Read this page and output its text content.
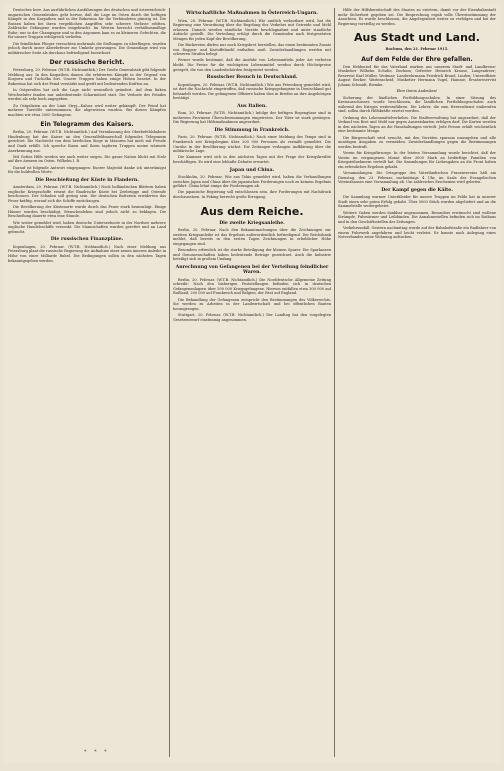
Deutsches heer. Aus ausführlichen Ausführungen des deutschen und österreichisch-ungarischen Generalstabes geht hervor, daß die Lage im Osten durch die heftigen Kämpfe in den Karpathen und in der Bukowina für die Verbündeten günstig ist. Die Russen haben bei ihren vergeblichen Angriffen sehr schwere Verluste erlitten. Zahlreiche Gefangene wurden eingebracht. Im Westen herrscht verhältnismäßige Ruhe; nur in der Champagne und in den Argonnen kam es zu kleineren Gefechten, die für unsere Truppen erfolgreich verliefen.

Die feindlichen Flieger versuchten mehrmals die Stellungen zu überfliegen, wurden jedoch durch unser Abwehrfeuer zur Umkehr gezwungen. Die Gesamtlage wird von militärischer Seite als durchaus befriedigend bezeichnet.

Der russische Bericht.

Petersburg, 20. Februar. (W.T.B. Nichtamtlich.) Der Große Generalstab gibt folgende Meldung aus: In den Karpathen dauern die erbitterten Kämpfe in der Gegend von Kozjowa und Tucholka fort. Unsere Truppen haben einige Höhen besetzt. In der Bukowina hat sich der Feind verstärkt und greift mit bedeutenden Kräften an.

In Ostpreußen hat sich die Lage nicht wesentlich geändert. Auf dem linken Weichselufer fanden nur unbedeutende Scharmützel statt. Die Verluste des Feindes werden als sehr hoch angegeben.

Zu Ostgalizien an der Linie Stryj—Kalusz wird weiter gekämpft. Der Feind hat mehrere Vorstöße unternommen, die abgewiesen wurden. Bei diesen Kämpfen machten wir etwa 2000 Gefangene.

Ein Telegramm des Kaisers.

Berlin, 20. Februar. (W.T.B. Nichtamtlich.) Auf Veranlassung des Oberbefehlshabers Hindenburg hat der Kaiser an den Generalfeldmarschall folgendes Telegramm gerichtet: Die Nachricht von dem herrlichen Siege in Masuren hat mich mit Freude und Dank erfüllt. Ich spreche Ihnen und Ihren tapferen Truppen meine wärmste Anerkennung aus.

Mit Gottes Hilfe werden wir auch weiter siegen. Die ganze Nation blickt mit Stolz auf ihre Armeen im Osten. Wilhelm I. R.

Darauf ist folgende Antwort eingegangen: Euerer Majestät danke ich untertänigst für die huldvollen Worte.

Die Beschießung der Küste in Flandern.

Amsterdam, 20. Februar. (W.T.B. Nichtamtlich.) Nach holländischen Blättern haben englische Kriegsschiffe erneut die flandrische Küste bei Zeebrügge und Ostende beschossen. Der Schaden soll gering sein. Die deutschen Batterien erwiderten das Feuer kräftig, worauf sich die Schiffe zurückzogen.

Die Bevölkerung der Küstenorte wurde durch das Feuer stark beunruhigt. Einige Häuser wurden beschädigt, Menschenleben sind jedoch nicht zu beklagen. Die Beschießung dauerte etwa eine Stunde.

Wie weiter gemeldet wird, haben deutsche Unterseeboote in der Nordsee mehrere englische Handelsschiffe versenkt. Die Mannschaften wurden gerettet und an Land gebracht.

Die russischen Finanzpläne.

Kopenhagen, 20. Februar. (W.T.B. Nichtamtlich.) Nach einer Meldung aus Petersburg plant die russische Regierung die Aufnahme einer neuen inneren Anleihe in Höhe von einer Milliarde Rubel. Die Bedingungen sollen in den nächsten Tagen bekanntgegeben werden.

Wirtschaftliche Maßnahmen in Österreich-Ungarn.

Wien, 20. Februar. (W.T.B. Nichtamtlich.) Wie amtlich verlautbart wird, hat die Regierung eine Verordnung über die Regelung des Verkehrs mit Getreide und Mehl erlassen. Danach werden sämtliche Vorräte beschlagnahmt und unter staatliche Aufsicht gestellt. Die Verteilung erfolgt durch die Gemeinden nach festgesetzten Mengen für jeden Kopf der Bevölkerung.

Die Bäckereien dürfen nur noch Kriegsbrot herstellen, das einen bestimmten Zusatz von Roggen- und Kartoffelmehl enthalten muß. Zuwiderhandlungen werden mit schweren Strafen belegt.

Ferner wurde bestimmt, daß die Ausfuhr von Lebensmitteln jeder Art verboten bleibt. Die Preise für die wichtigsten Lebensmittel werden durch Höchstpreise geregelt, die von den Landesbehörden festgesetzt werden.

Russischer Besuch in Deutschland.

Kopenhagen, 20. Februar. (W.T.B. Nichtamtlich.) Wie aus Petersburg gemeldet wird, ist dort die Nachricht eingetroffen, daß russische Kriegsgefangene in Deutschland gut behandelt werden. Die gefangenen Offiziere haben dies in Briefen an ihre Angehörigen bestätigt.

Aus Italien.

Rom, 20. Februar. (W.T.B. Nichtamtlich.) Infolge der heftigen Regengüsse sind in mehreren Provinzen Überschwemmungen eingetreten. Der Tiber ist stark gestiegen. Die Regierung hat Hilfsmaßnahmen angeordnet.

Die Stimmung in Frankreich.

Paris, 20. Februar. (W.T.B. Nichtamtlich.) Nach einer Meldung des Temps sind in Frankreich seit Kriegsbeginn über 200 000 Personen als vermißt gemeldet. Die Unruhe in der Bevölkerung wächst. Die Zeitungen verlangen Aufklärung über die militärische Lage.

Die Kammer wird sich in den nächsten Tagen mit der Frage der Kriegskredite beschäftigen. Es wird eine lebhafte Debatte erwartet.

Japan und China.

Stockholm, 20. Februar. Wie aus Tokio gemeldet wird, haben die Verhandlungen zwischen Japan und China über die japanischen Forderungen noch zu keinem Ergebnis geführt. China lehnt einige der Forderungen ab.

Die japanische Regierung soll entschlossen sein, ihre Forderungen mit Nachdruck durchzusetzen. In Peking herrscht große Erregung.

Aus dem Reiche.
Die zweite Kriegsanleihe.

Berlin, 20. Februar. Nach den Bekanntmachungen über die Zeichnungen zur zweiten Kriegsanleihe ist das Ergebnis außerordentlich befriedigend. Die Reichsbank meldet, daß bereits in den ersten Tagen Zeichnungen in erheblicher Höhe eingegangen sind.

Besonders erfreulich ist die starke Beteiligung der kleinen Sparer. Die Sparkassen und Genossenschaften haben bedeutende Beträge gezeichnet. Auch die Industrie beteiligt sich in großem Umfang.

Anrechnung von Gefangenen bei der Verteilung feindlicher Waren.

Berlin, 20. Februar. (W.T.B. Nichtamtlich.) Die Norddeutsche Allgemeine Zeitung schreibt: Nach den bisherigen Feststellungen befinden sich in deutschen Gefangenenlagern über 500 000 Kriegsgefangene. Hiervon entfallen etwa 300 000 auf Rußland, 200 000 auf Frankreich und Belgien, der Rest auf England.

Die Behandlung der Gefangenen entspricht den Bestimmungen des Völkerrechts. Sie werden zu Arbeiten in der Landwirtschaft und bei öffentlichen Bauten herangezogen.

Stuttgart, 20. Februar. (W.T.B. Nichtamtlich.) Der Landtag hat den vorgelegten Gesetzentwurf einstimmig angenommen.

Hilfe der Hilfsbereitschaft des Staates zu erörtern, damit vor der Eisenbahnstadt mehr Sicherheit gegeben sei. Die Besprechung ergab volle Übereinstimmung der Ansichten. Es wurde beschlossen, die Angelegenheit weiter zu verfolgen und bei der Regierung vorstellig zu werden.

Aus Stadt und Land.

Bochum, den 21. Februar 1915.

Auf dem Felde der Ehre gefallen.

Den Heldentod für das Vaterland starben aus unserem Stadt- und Landkreise: Musketier Wilhelm Schulte, Bochum; Gefreiter Heinrich Krause, Langendreer; Reservist Karl Müller, Weitmar; Landwehrmann Friedrich Brand, Linden; Unteroffizier August Becker, Wattenscheid; Musketier Hermann Vogel, Hamme; Ersatzreservist Johann Schmidt, Riemke.

Ehre ihrem Andenken!

Sicherung der ländlichen Fortbildungsschulen. In einer Sitzung des Kreisausschusses wurde beschlossen, die ländlichen Fortbildungsschulen auch während des Krieges weiterzuführen. Die Lehrer, die zum Heeresdienst einberufen sind, sollen durch Hilfskräfte ersetzt werden.

Ordnung des Lebensmittelverkehrs. Die Stadtverwaltung hat angeordnet, daß der Verkauf von Brot und Mehl nur gegen Ausweiskarten erfolgen darf. Die Karten werden in den nächsten Tagen an die Haushaltungen verteilt. Jede Person erhält wöchentlich eine bestimmte Menge.

Die Bürgerschaft wird ersucht, mit den Vorräten sparsam umzugehen und alle unnötigen Ausgaben zu vermeiden. Zuwiderhandlungen gegen die Bestimmungen werden bestraft.

Verein für Kriegsfürsorge. In der letzten Versammlung wurde berichtet, daß der Verein im vergangenen Monat über 3000 Mark an bedürftige Familien von Kriegsteilnehmern verteilt hat. Die Sammlungen für Liebesgaben an die Front haben ein erfreuliches Ergebnis gehabt.

Versammlungen. Die Ortsgruppe des Vaterländischen Frauenvereins hält am Dienstag, den 23. Februar, nachmittags 4 Uhr, im Saale des Evangelischen Vereinshauses eine Versammlung ab. Um zahlreiches Erscheinen wird gebeten.

Der Kampf gegen die Kälte.

Die Sammlung warmer Unterkleider für unsere Truppen im Felde hat in unserer Stadt einen sehr guten Erfolg gehabt. Über 5000 Stück wurden abgeliefert und an die Sammelstelle weitergeleitet.

Weitere Gaben werden dankbar angenommen. Besonders erwünscht sind wollene Strümpfe, Pulswärmer und Leibbinden. Die Annahmestellen befinden sich im Rathaus und in den Geschäftsstellen der Zeitungen.

Verkehrsunfall. Gestern nachmittag wurde auf der Bahnhofstraße ein Radfahrer von einem Fuhrwerk angefahren und leicht verletzt. Er konnte nach Anlegung eines Notverbandes seine Wohnung aufsuchen.

* * *
